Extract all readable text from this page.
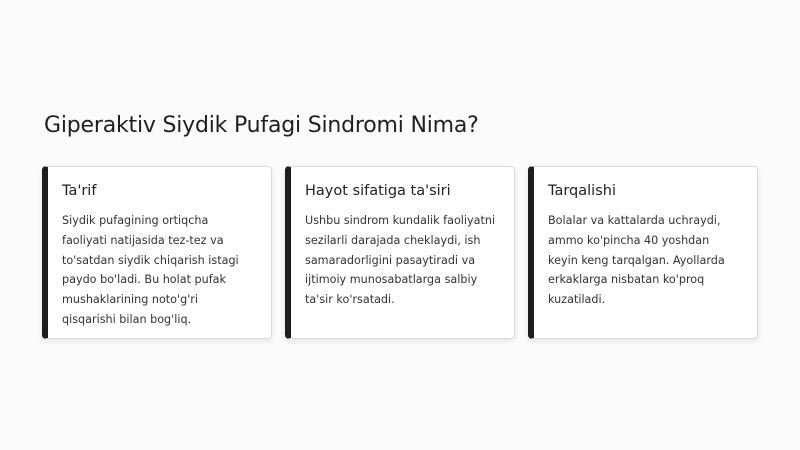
Giperaktiv Siydik Pufagi Sindromi Nima?
Ta'rif

Siydik pufagining ortiqcha
faoliyati natijasida tez-tez va
to'satdan siydik chiqarish istagi
paydo bo'ladi. Bu holat pufak
mushaklarining noto'g'ri
qisqarishi bilan bog'liq.

Hayot sifatiga ta'siri

Ushbu sindrom kundalik faoliyatni
sezilarli darajada cheklaydi, ish
samaradorligini pasaytiradi va
ijtimoiy munosabatlarga salbiy
ta'sir ko'rsatadi.

Tarqalishi

Bolalar va kattalarda uchraydi,
ammo ko'pincha 40 yoshdan
keyin keng tarqalgan. Ayollarda
erkaklarga nisbatan ko'proq
kuzatiladi.
